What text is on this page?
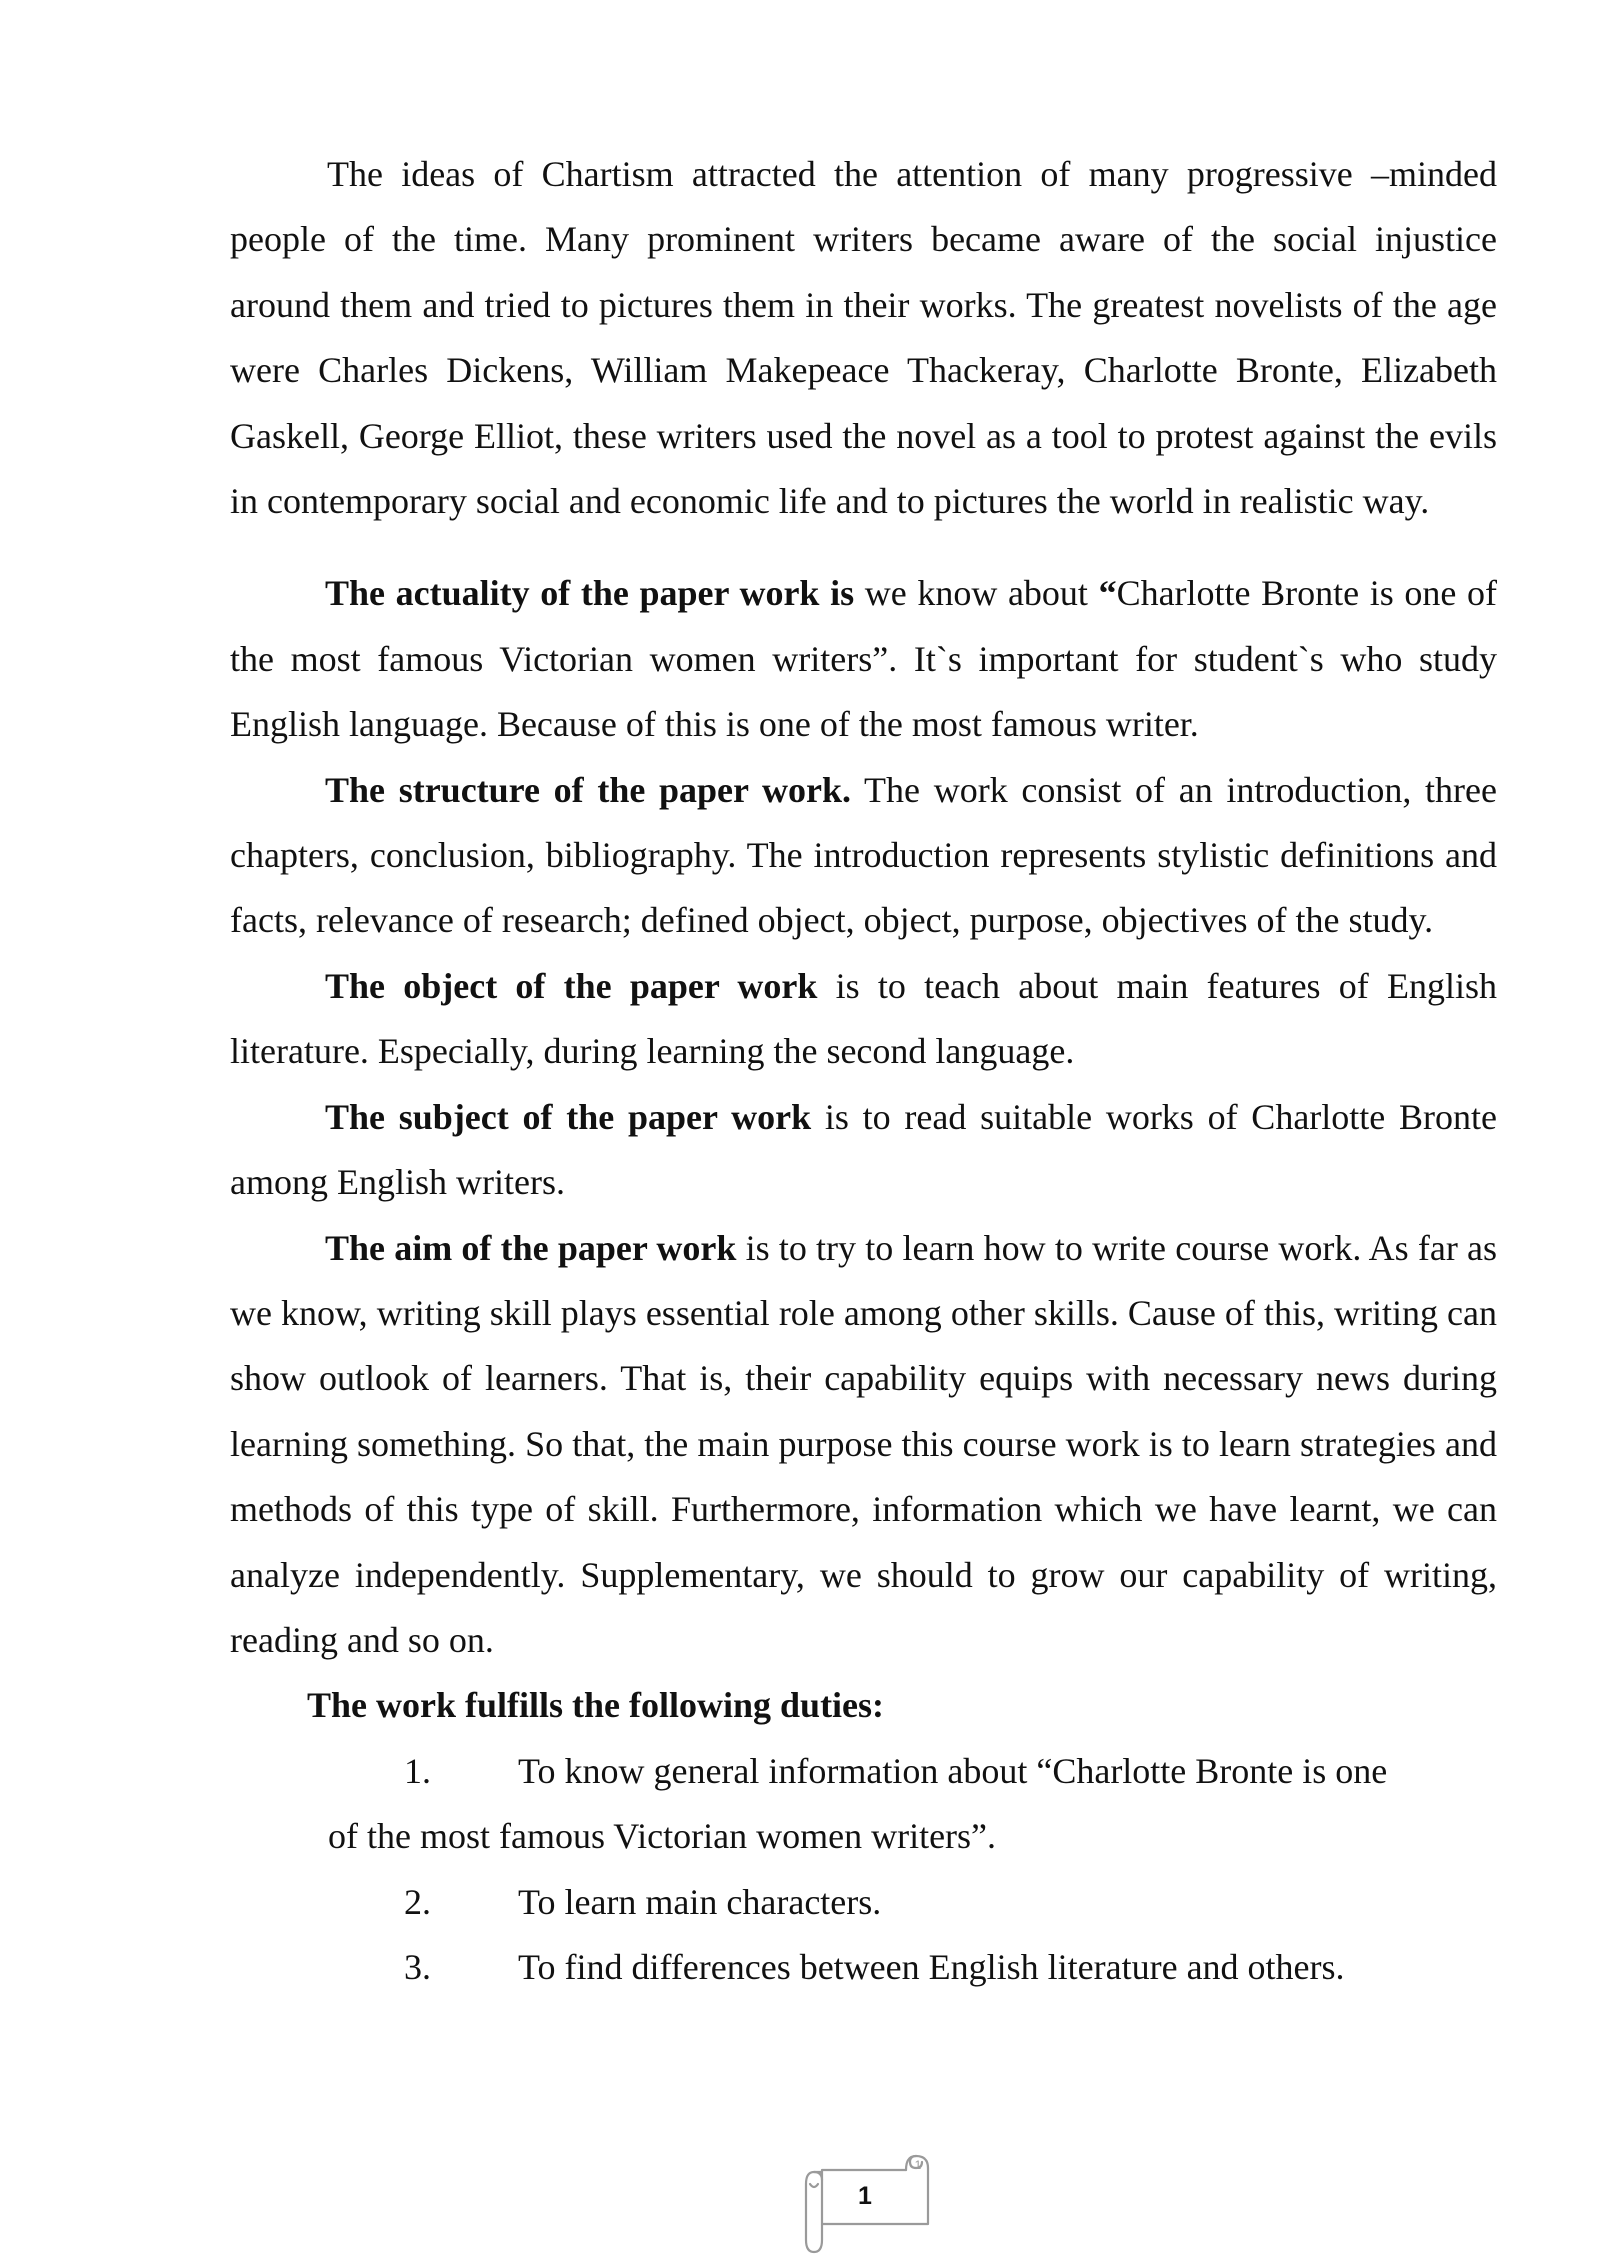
The ideas of Chartism attracted the attention of many progressive –minded people of the time. Many prominent writers became aware of the social injustice around them and tried to pictures them in their works. The greatest novelists of the age were Charles Dickens, William Makepeace Thackeray, Charlotte Bronte, Elizabeth Gaskell, George Elliot, these writers used the novel as a tool to protest against the evils in contemporary social and economic life and to pictures the world in realistic way.

The actuality of the paper work is we know about “Charlotte Bronte is one of the most famous Victorian women writers”. It`s important for student`s who study English language. Because of this is one of the most famous writer.

The structure of the paper work. The work consist of an introduction, three chapters, conclusion, bibliography. The introduction represents stylistic definitions and facts, relevance of research; defined object, object, purpose, objectives of the study.

The object of the paper work is to teach about main features of English literature. Especially, during learning the second language.

The subject of the paper work is to read suitable works of Charlotte Bronte among English writers.

The aim of the paper work is to try to learn how to write course work. As far as we know, writing skill plays essential role among other skills. Cause of this, writing can show outlook of learners. That is, their capability equips with necessary news during learning something. So that, the main purpose this course work is to learn strategies and methods of this type of skill. Furthermore, information which we have learnt, we can analyze independently. Supplementary, we should to grow our capability of writing, reading and so on.

The work fulfills the following duties:

1.	To know general information about “Charlotte Bronte is one
of the most famous Victorian women writers”.
2.	To learn main characters.
3.	To find differences between English literature and others.
1
1
